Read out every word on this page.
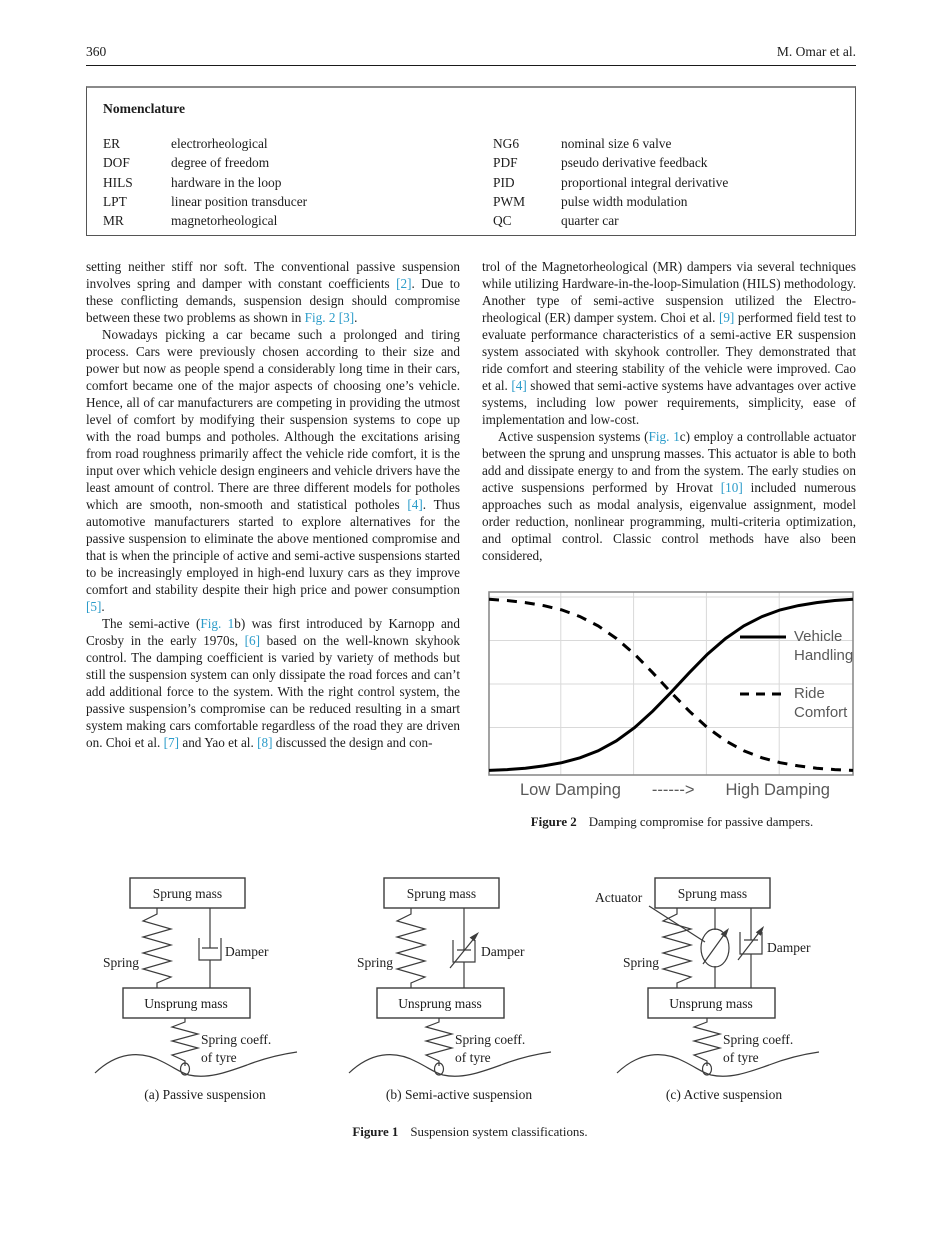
360	M. Omar et al.
Nomenclature
ER	electrorheological
DOF	degree of freedom
HILS	hardware in the loop
LPT	linear position transducer
MR	magnetorheological
NG6	nominal size 6 valve
PDF	pseudo derivative feedback
PID	proportional integral derivative
PWM	pulse width modulation
QC	quarter car

setting neither stiff nor soft. The conventional passive suspension involves spring and damper with constant coefficients [2]. Due to these conflicting demands, suspension design should compromise between these two problems as shown in Fig. 2 [3].

Nowadays picking a car became such a prolonged and tiring process. Cars were previously chosen according to their size and power but now as people spend a considerably long time in their cars, comfort became one of the major aspects of choosing one’s vehicle. Hence, all of car manufacturers are competing in providing the utmost level of comfort by modifying their suspension systems to cope up with the road bumps and potholes. Although the excitations arising from road roughness primarily affect the vehicle ride comfort, it is the input over which vehicle design engineers and vehicle drivers have the least amount of control. There are three different models for potholes which are smooth, non-smooth and statistical potholes [4]. Thus automotive manufacturers started to explore alternatives for the passive suspension to eliminate the above mentioned compromise and that is when the principle of active and semi-active suspensions started to be increasingly employed in high-end luxury cars as they improve comfort and stability despite their high price and power consumption [5].

The semi-active (Fig. 1b) was first introduced by Karnopp and Crosby in the early 1970s, [6] based on the well-known skyhook control. The damping coefficient is varied by variety of methods but still the suspension system can only dissipate the road forces and can’t add additional force to the system. With the right control system, the passive suspension’s compromise can be reduced resulting in a smart system making cars comfortable regardless of the road they are driven on. Choi et al. [7] and Yao et al. [8] discussed the design and con-

trol of the Magnetorheological (MR) dampers via several techniques while utilizing Hardware-in-the-loop-Simulation (HILS) methodology. Another type of semi-active suspension utilized the Electro-rheological (ER) damper system. Choi et al. [9] performed field test to evaluate performance characteristics of a semi-active ER suspension system associated with skyhook controller. They demonstrated that ride comfort and steering stability of the vehicle were improved. Cao et al. [4] showed that semi-active systems have advantages over active systems, including low power requirements, simplicity, ease of implementation and low-cost.

Active suspension systems (Fig. 1c) employ a controllable actuator between the sprung and unsprung masses. This actuator is able to both add and dissipate energy to and from the system. The early studies on active suspensions performed by Hrovat [10] included numerous approaches such as modal analysis, eigenvalue assignment, model order reduction, nonlinear programming, multi-criteria optimization, and optimal control. Classic control methods have also been considered,

Vehicle
Handling
Ride
Comfort
Low Damping ------> High Damping
Figure 2 Damping compromise for passive dampers.
Sprung mass
Spring
Damper
Unsprung mass
Spring coeff.
of tyre
(a) Passive suspension
Sprung mass
Spring
Damper
Unsprung mass
Spring coeff.
of tyre
(b) Semi-active suspension
Sprung mass
Actuator
Spring
Damper
Unsprung mass
Spring coeff.
of tyre
(c) Active suspension
Figure 1 Suspension system classifications.
